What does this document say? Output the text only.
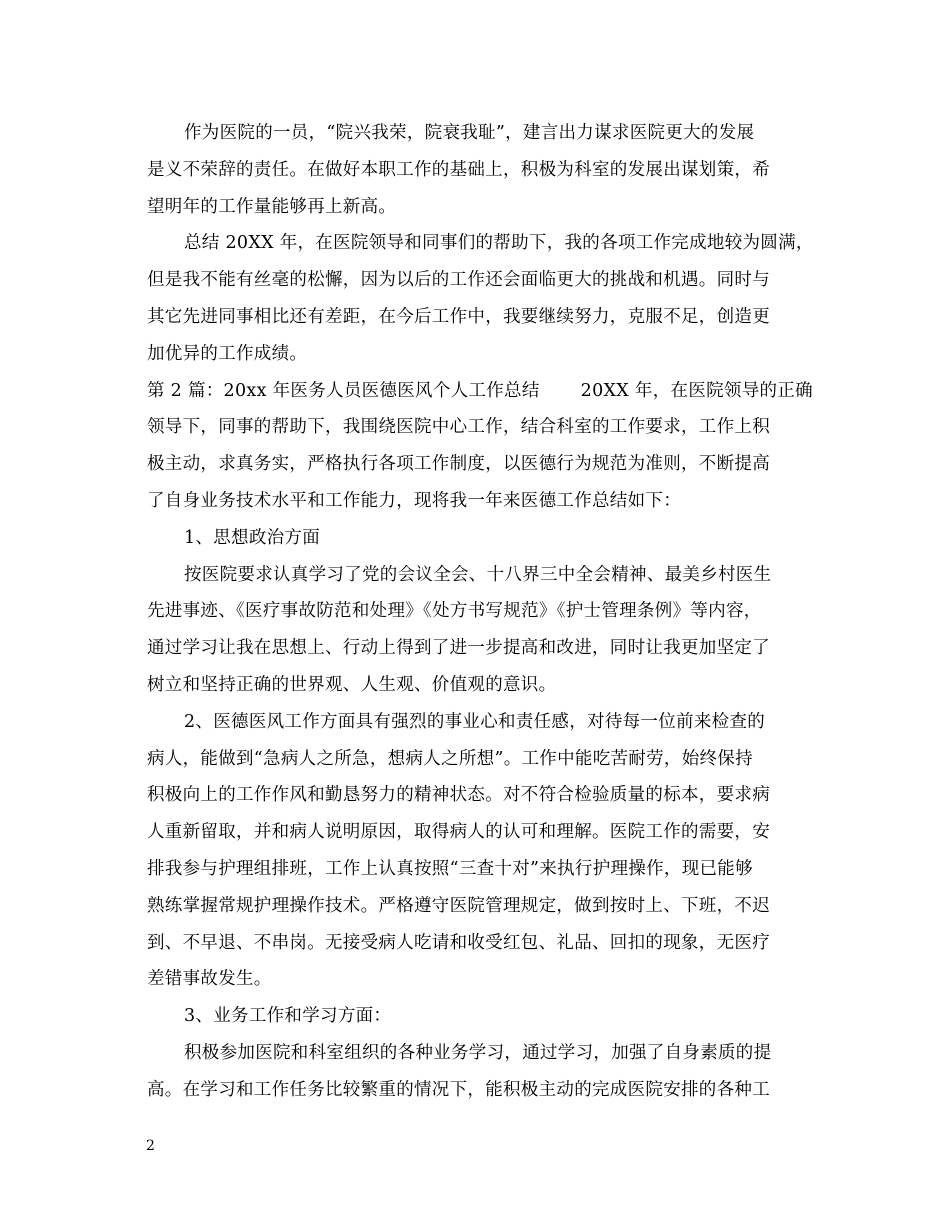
作为医院的一员，“院兴我荣，院衰我耻”，建言出力谋求医院更大的发展
是义不荣辞的责任。在做好本职工作的基础上，积极为科室的发展出谋划策，希
望明年的工作量能够再上新高。
总结 20XX 年，在医院领导和同事们的帮助下，我的各项工作完成地较为圆满，
但是我不能有丝毫的松懈，因为以后的工作还会面临更大的挑战和机遇。同时与
其它先进同事相比还有差距，在今后工作中，我要继续努力，克服不足，创造更
加优异的工作成绩。
第 2 篇：20xx 年医务人员医德医风个人工作总结       20XX 年，在医院领导的正确
领导下，同事的帮助下，我围绕医院中心工作，结合科室的工作要求，工作上积
极主动，求真务实，严格执行各项工作制度，以医德行为规范为准则，不断提高
了自身业务技术水平和工作能力，现将我一年来医德工作总结如下：
1、思想政治方面
按医院要求认真学习了党的会议全会、十八界三中全会精神、最美乡村医生
先进事迹、《医疗事故防范和处理》《处方书写规范》《护士管理条例》等内容，
通过学习让我在思想上、行动上得到了进一步提高和改进，同时让我更加坚定了
树立和坚持正确的世界观、人生观、价值观的意识。
2、医德医风工作方面具有强烈的事业心和责任感，对待每一位前来检查的
病人，能做到“急病人之所急，想病人之所想”。工作中能吃苦耐劳，始终保持
积极向上的工作作风和勤恳努力的精神状态。对不符合检验质量的标本，要求病
人重新留取，并和病人说明原因，取得病人的认可和理解。医院工作的需要，安
排我参与护理组排班，工作上认真按照“三查十对”来执行护理操作，现已能够
熟练掌握常规护理操作技术。严格遵守医院管理规定，做到按时上、下班，不迟
到、不早退、不串岗。无接受病人吃请和收受红包、礼品、回扣的现象，无医疗
差错事故发生。
3、业务工作和学习方面：
积极参加医院和科室组织的各种业务学习，通过学习，加强了自身素质的提
高。在学习和工作任务比较繁重的情况下，能积极主动的完成医院安排的各种工
2
